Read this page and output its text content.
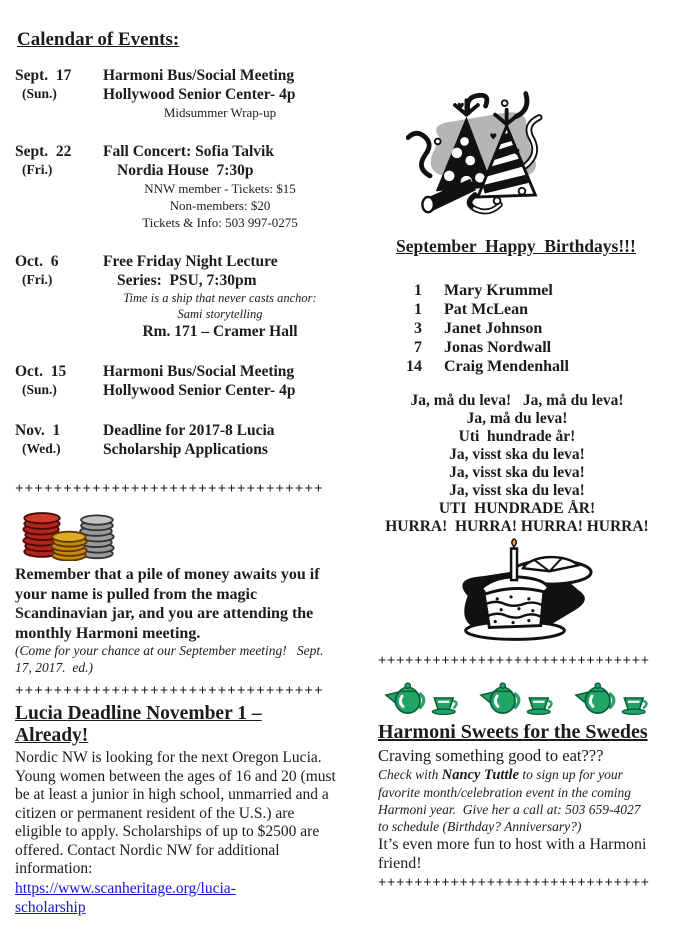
Calendar of Events:
Sept.  17
(Sun.)
Harmoni Bus/Social Meeting
Hollywood Senior Center- 4p
Midsummer Wrap-up
Sept.  22
(Fri.)
Fall Concert: Sofia Talvik
Nordia House  7:30p
NNW member - Tickets: $15
Non-members: $20
Tickets & Info: 503 997-0275
Oct.  6
(Fri.)
Free Friday Night Lecture
Series:  PSU, 7:30pm
Time is a ship that never casts anchor:
Sami storytelling
Rm. 171 – Cramer Hall
Oct.  15
(Sun.)
Harmoni Bus/Social Meeting
Hollywood Senior Center- 4p
Nov.  1
(Wed.)
Deadline for 2017-8 Lucia
Scholarship Applications
++++++++++++++++++++++++++++++++

Remember that a pile of money awaits you if your name is pulled from the magic Scandinavian jar, and you are attending the monthly Harmoni meeting.

(Come for your chance at our September meeting!   Sept. 17, 2017.  ed.)

++++++++++++++++++++++++++++++++
Lucia Deadline November 1 – Already!

Nordic NW is looking for the next Oregon Lucia. Young women between the ages of 16 and 20 (must be at least a junior in high school, unmarried and a citizen or permanent resident of the U.S.) are eligible to apply. Scholarships of up to $2500 are offered. Contact Nordic NW for additional information:

https://www.scanheritage.org/lucia-scholarship
♥
♥
♥
September  Happy  Birthdays!!!
1 Mary Krummel
1 Pat McLean
3 Janet Johnson
7 Jonas Nordwall
14 Craig Mendenhall
Ja, må du leva!   Ja, må du leva!
Ja, må du leva!
Uti  hundrade år!
Ja, visst ska du leva!
Ja, visst ska du leva!
Ja, visst ska du leva!
UTI  HUNDRADE ÅR!
HURRA!  HURRA! HURRA! HURRA!
++++++++++++++++++++++++++++++
Harmoni Sweets for the Swedes

Craving something good to eat???

Check with Nancy Tuttle to sign up for your

favorite month/celebration event in the coming

Harmoni year.  Give her a call at: 503 659-4027

to schedule (Birthday? Anniversary?)

It’s even more fun to host with a Harmoni friend!

++++++++++++++++++++++++++++++
